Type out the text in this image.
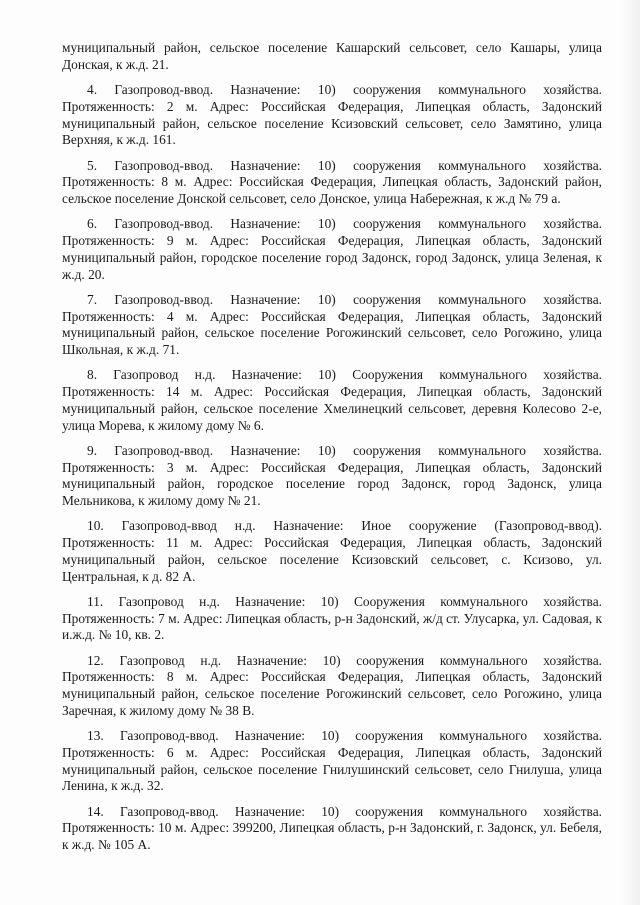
муниципальный район, сельское поселение Кашарский сельсовет, село Кашары, улица Донская, к ж.д. 21.

4. Газопровод-ввод. Назначение: 10) сооружения коммунального хозяйства. Протяженность: 2 м. Адрес: Российская Федерация, Липецкая область, Задонский муниципальный район, сельское поселение Ксизовский сельсовет, село Замятино, улица Верхняя, к ж.д. 161.

5. Газопровод-ввод. Назначение: 10) сооружения коммунального хозяйства. Протяженность: 8 м. Адрес: Российская Федерация, Липецкая область, Задонский район, сельское поселение Донской сельсовет, село Донское, улица Набережная, к ж.д № 79 а.

6. Газопровод-ввод. Назначение: 10) сооружения коммунального хозяйства. Протяженность: 9 м. Адрес: Российская Федерация, Липецкая область, Задонский муниципальный район, городское поселение город Задонск, город Задонск, улица Зеленая, к ж.д. 20.

7. Газопровод-ввод. Назначение: 10) сооружения коммунального хозяйства. Протяженность: 4 м. Адрес: Российская Федерация, Липецкая область, Задонский муниципальный район, сельское поселение Рогожинский сельсовет, село Рогожино, улица Школьная, к ж.д. 71.

8. Газопровод н.д. Назначение: 10) Сооружения коммунального хозяйства. Протяженность: 14 м. Адрес: Российская Федерация, Липецкая область, Задонский муниципальный район, сельское поселение Хмелинецкий сельсовет, деревня Колесово 2-е, улица Морева, к жилому дому № 6.

9. Газопровод-ввод. Назначение: 10) сооружения коммунального хозяйства. Протяженность: 3 м. Адрес: Российская Федерация, Липецкая область, Задонский муниципальный район, городское поселение город Задонск, город Задонск, улица Мельникова, к жилому дому № 21.

10. Газопровод-ввод н.д. Назначение: Иное сооружение (Газопровод-ввод). Протяженность: 11 м. Адрес: Российская Федерация, Липецкая область, Задонский муниципальный район, сельское поселение Ксизовский сельсовет, с. Ксизово, ул. Центральная, к д. 82 А.

11. Газопровод н.д. Назначение: 10) Сооружения коммунального хозяйства. Протяженность: 7 м. Адрес: Липецкая область, р-н Задонский, ж/д ст. Улусарка, ул. Садовая, к и.ж.д. № 10, кв. 2.

12. Газопровод н.д. Назначение: 10) сооружения коммунального хозяйства. Протяженность: 8 м. Адрес: Российская Федерация, Липецкая область, Задонский муниципальный район, сельское поселение Рогожинский сельсовет, село Рогожино, улица Заречная, к жилому дому № 38 В.

13. Газопровод-ввод. Назначение: 10) сооружения коммунального хозяйства. Протяженность: 6 м. Адрес: Российская Федерация, Липецкая область, Задонский муниципальный район, сельское поселение Гнилушинский сельсовет, село Гнилуша, улица Ленина, к ж.д. 32.

14. Газопровод-ввод. Назначение: 10) сооружения коммунального хозяйства. Протяженность: 10 м. Адрес: 399200, Липецкая область, р-н Задонский, г. Задонск, ул. Бебеля, к ж.д. № 105 А.
